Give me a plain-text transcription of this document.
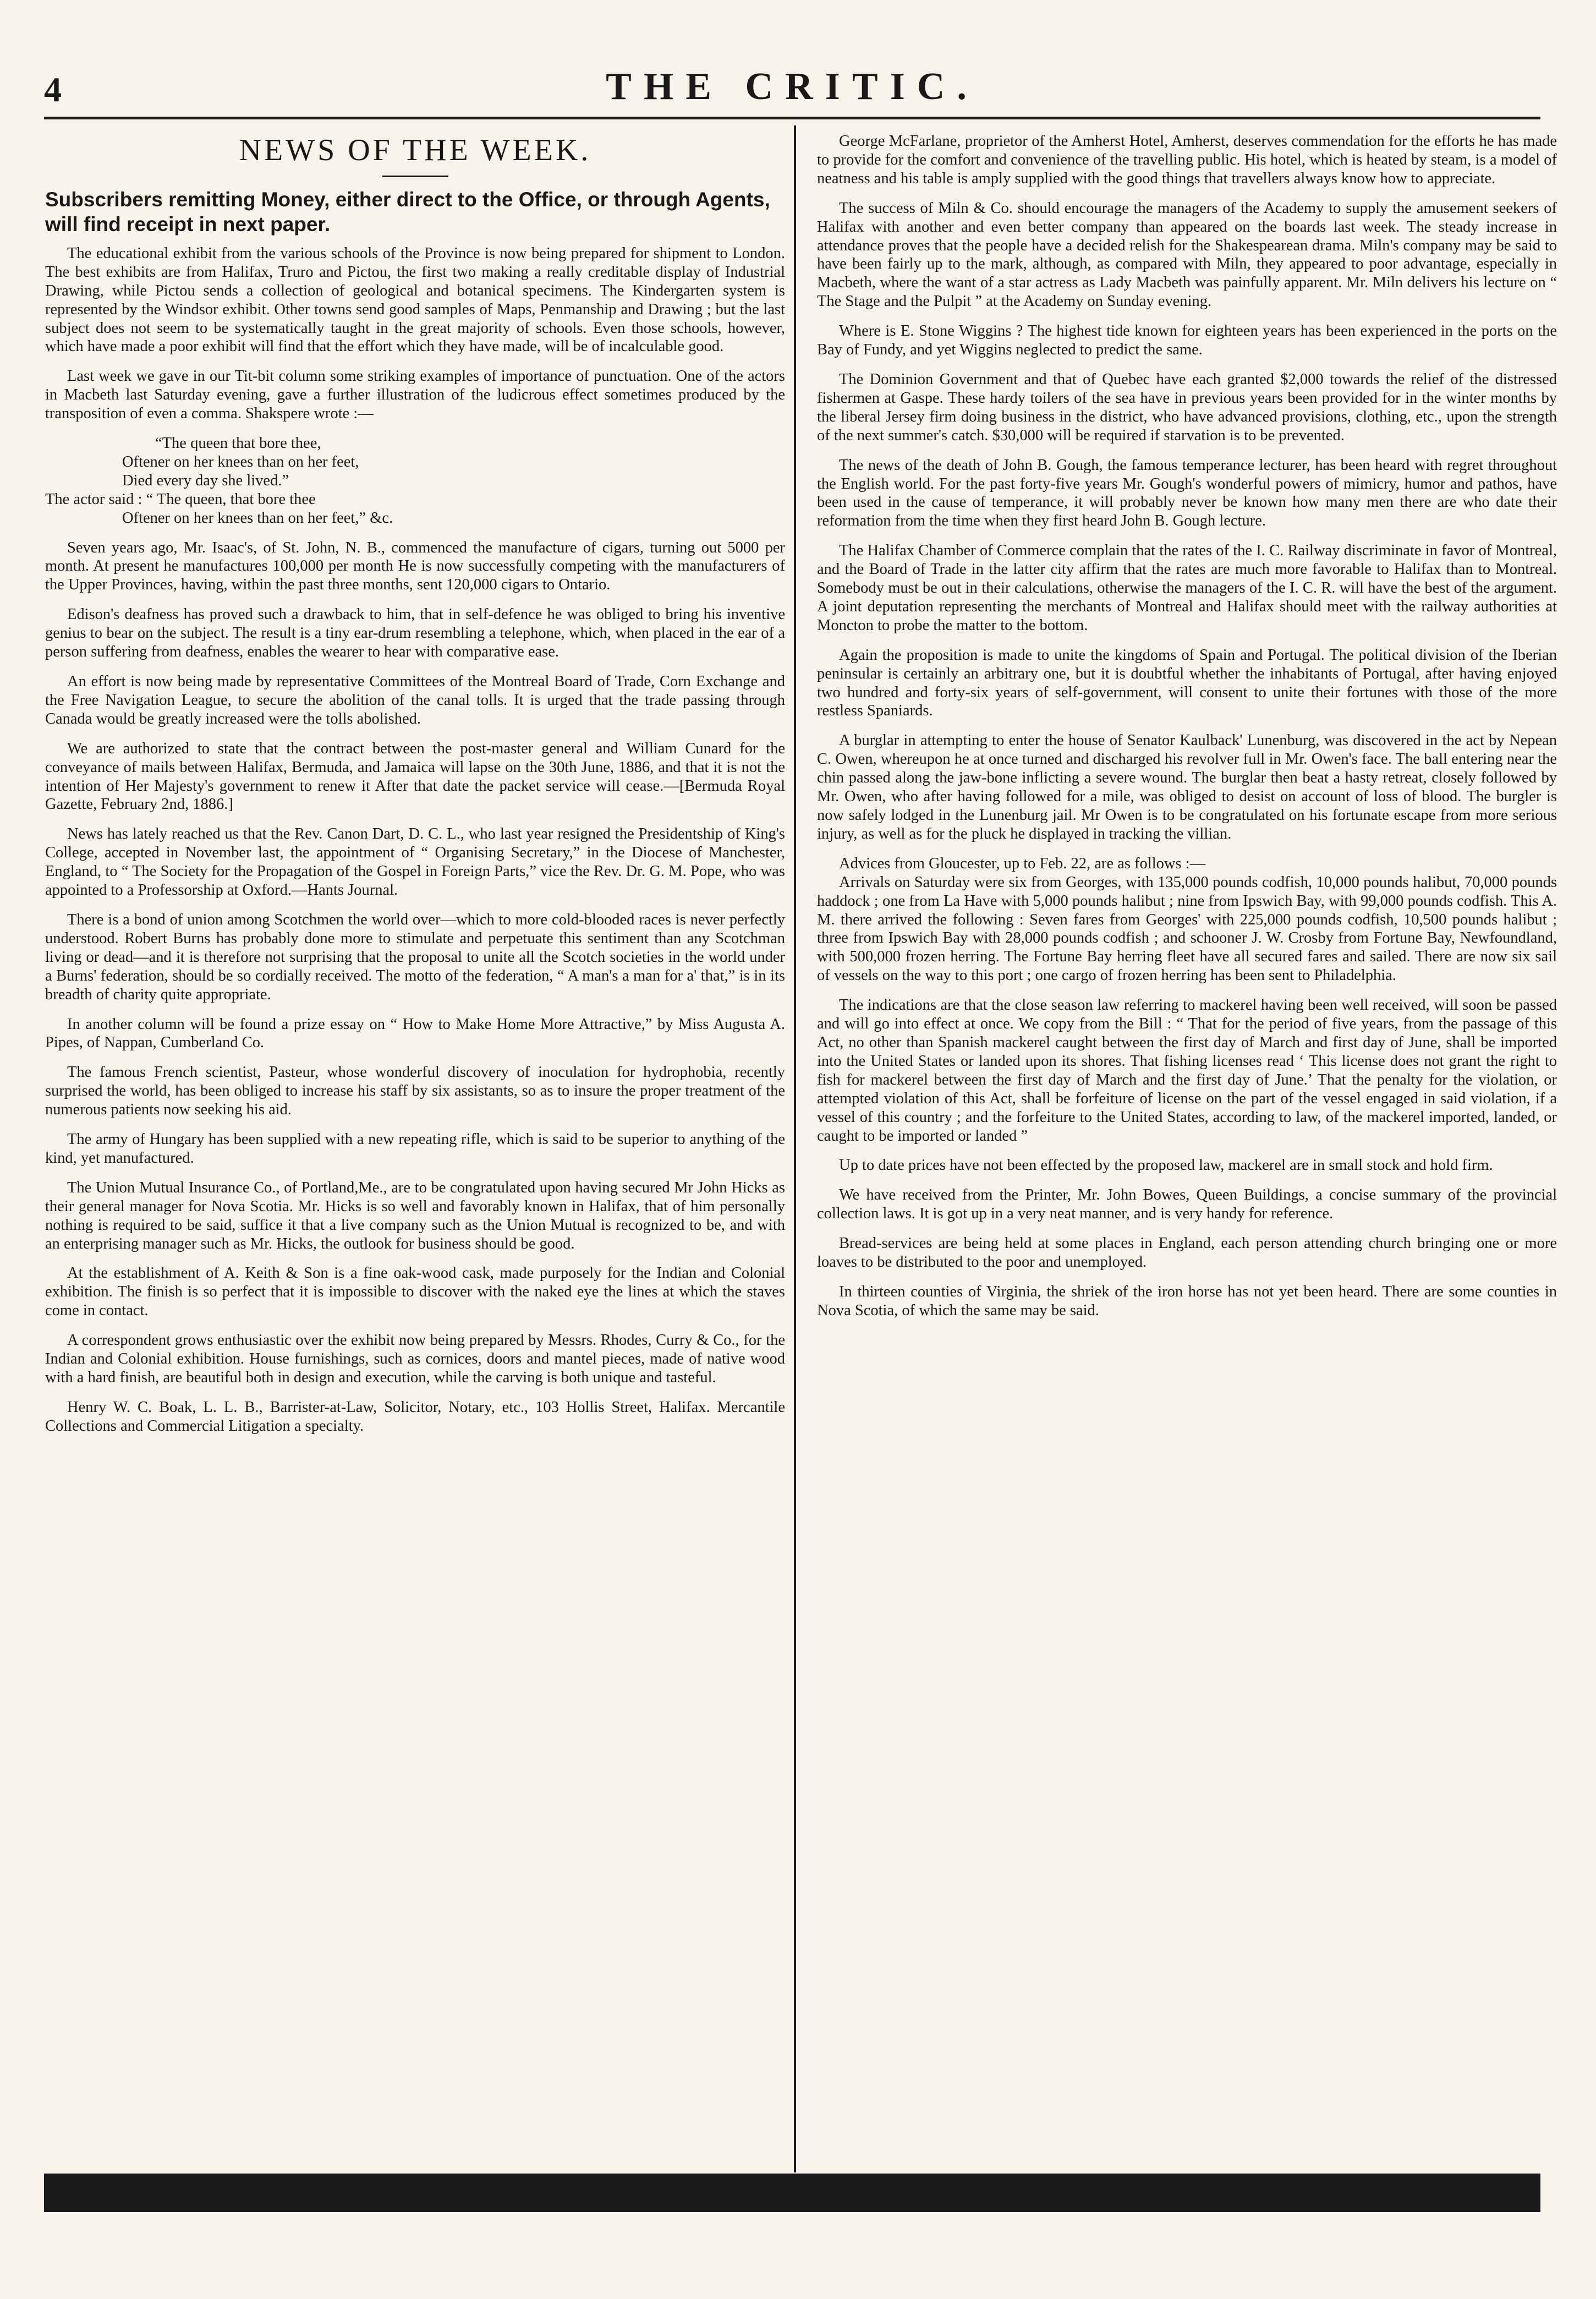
4	THE CRITIC.
NEWS OF THE WEEK.

Subscribers remitting Money, either direct to the Office, or through Agents, will find receipt in next paper.

The educational exhibit from the various schools of the Province is now being prepared for shipment to London. The best exhibits are from Halifax, Truro and Pictou, the first two making a really creditable display of Industrial Drawing, while Pictou sends a collection of geological and botanical specimens. The Kindergarten system is represented by the Windsor exhibit. Other towns send good samples of Maps, Penmanship and Drawing ; but the last subject does not seem to be systematically taught in the great majority of schools. Even those schools, however, which have made a poor exhibit will find that the effort which they have made, will be of incalculable good.

Last week we gave in our Tit-bit column some striking examples of importance of punctuation. One of the actors in Macbeth last Saturday evening, gave a further illustration of the ludicrous effect sometimes produced by the transposition of even a comma. Shakspere wrote :—

“The queen that bore thee,
Oftener on her knees than on her feet,
Died every day she lived.”
The actor said : “ The queen, that bore thee
Oftener on her knees than on her feet,” &c.

Seven years ago, Mr. Isaac's, of St. John, N. B., commenced the manufacture of cigars, turning out 5000 per month. At present he manufactures 100,000 per month He is now successfully competing with the manufacturers of the Upper Provinces, having, within the past three months, sent 120,000 cigars to Ontario.

Edison's deafness has proved such a drawback to him, that in self-defence he was obliged to bring his inventive genius to bear on the subject. The result is a tiny ear-drum resembling a telephone, which, when placed in the ear of a person suffering from deafness, enables the wearer to hear with comparative ease.

An effort is now being made by representative Committees of the Montreal Board of Trade, Corn Exchange and the Free Navigation League, to secure the abolition of the canal tolls. It is urged that the trade passing through Canada would be greatly increased were the tolls abolished.

We are authorized to state that the contract between the post-master general and William Cunard for the conveyance of mails between Halifax, Bermuda, and Jamaica will lapse on the 30th June, 1886, and that it is not the intention of Her Majesty's government to renew it After that date the packet service will cease.—[Bermuda Royal Gazette, February 2nd, 1886.]

News has lately reached us that the Rev. Canon Dart, D. C. L., who last year resigned the Presidentship of King's College, accepted in November last, the appointment of “ Organising Secretary,” in the Diocese of Manchester, England, to “ The Society for the Propagation of the Gospel in Foreign Parts,” vice the Rev. Dr. G. M. Pope, who was appointed to a Professorship at Oxford.—Hants Journal.

There is a bond of union among Scotchmen the world over—which to more cold-blooded races is never perfectly understood. Robert Burns has probably done more to stimulate and perpetuate this sentiment than any Scotchman living or dead—and it is therefore not surprising that the proposal to unite all the Scotch societies in the world under a Burns' federation, should be so cordially received. The motto of the federation, “ A man's a man for a' that,” is in its breadth of charity quite appropriate.

In another column will be found a prize essay on “ How to Make Home More Attractive,” by Miss Augusta A. Pipes, of Nappan, Cumberland Co.

The famous French scientist, Pasteur, whose wonderful discovery of inoculation for hydrophobia, recently surprised the world, has been obliged to increase his staff by six assistants, so as to insure the proper treatment of the numerous patients now seeking his aid.

The army of Hungary has been supplied with a new repeating rifle, which is said to be superior to anything of the kind, yet manufactured.

The Union Mutual Insurance Co., of Portland,Me., are to be congratulated upon having secured Mr John Hicks as their general manager for Nova Scotia. Mr. Hicks is so well and favorably known in Halifax, that of him personally nothing is required to be said, suffice it that a live company such as the Union Mutual is recognized to be, and with an enterprising manager such as Mr. Hicks, the outlook for business should be good.

At the establishment of A. Keith & Son is a fine oak-wood cask, made purposely for the Indian and Colonial exhibition. The finish is so perfect that it is impossible to discover with the naked eye the lines at which the staves come in contact.

A correspondent grows enthusiastic over the exhibit now being prepared by Messrs. Rhodes, Curry & Co., for the Indian and Colonial exhibition. House furnishings, such as cornices, doors and mantel pieces, made of native wood with a hard finish, are beautiful both in design and execution, while the carving is both unique and tasteful.

Henry W. C. Boak, L. L. B., Barrister-at-Law, Solicitor, Notary, etc., 103 Hollis Street, Halifax. Mercantile Collections and Commercial Litigation a specialty.

George McFarlane, proprietor of the Amherst Hotel, Amherst, deserves commendation for the efforts he has made to provide for the comfort and convenience of the travelling public. His hotel, which is heated by steam, is a model of neatness and his table is amply supplied with the good things that travellers always know how to appreciate.

The success of Miln & Co. should encourage the managers of the Academy to supply the amusement seekers of Halifax with another and even better company than appeared on the boards last week. The steady increase in attendance proves that the people have a decided relish for the Shakespearean drama. Miln's company may be said to have been fairly up to the mark, although, as compared with Miln, they appeared to poor advantage, especially in Macbeth, where the want of a star actress as Lady Macbeth was painfully apparent. Mr. Miln delivers his lecture on “ The Stage and the Pulpit ” at the Academy on Sunday evening.

Where is E. Stone Wiggins ? The highest tide known for eighteen years has been experienced in the ports on the Bay of Fundy, and yet Wiggins neglected to predict the same.

The Dominion Government and that of Quebec have each granted $2,000 towards the relief of the distressed fishermen at Gaspe. These hardy toilers of the sea have in previous years been provided for in the winter months by the liberal Jersey firm doing business in the district, who have advanced provisions, clothing, etc., upon the strength of the next summer's catch. $30,000 will be required if starvation is to be prevented.

The news of the death of John B. Gough, the famous temperance lecturer, has been heard with regret throughout the English world. For the past forty-five years Mr. Gough's wonderful powers of mimicry, humor and pathos, have been used in the cause of temperance, it will probably never be known how many men there are who date their reformation from the time when they first heard John B. Gough lecture.

The Halifax Chamber of Commerce complain that the rates of the I. C. Railway discriminate in favor of Montreal, and the Board of Trade in the latter city affirm that the rates are much more favorable to Halifax than to Montreal. Somebody must be out in their calculations, otherwise the managers of the I. C. R. will have the best of the argument. A joint deputation representing the merchants of Montreal and Halifax should meet with the railway authorities at Moncton to probe the matter to the bottom.

Again the proposition is made to unite the kingdoms of Spain and Portugal. The political division of the Iberian peninsular is certainly an arbitrary one, but it is doubtful whether the inhabitants of Portugal, after having enjoyed two hundred and forty-six years of self-government, will consent to unite their fortunes with those of the more restless Spaniards.

A burglar in attempting to enter the house of Senator Kaulback' Lunenburg, was discovered in the act by Nepean C. Owen, whereupon he at once turned and discharged his revolver full in Mr. Owen's face. The ball entering near the chin passed along the jaw-bone inflicting a severe wound. The burglar then beat a hasty retreat, closely followed by Mr. Owen, who after having followed for a mile, was obliged to desist on account of loss of blood. The burgler is now safely lodged in the Lunenburg jail. Mr Owen is to be congratulated on his fortunate escape from more serious injury, as well as for the pluck he displayed in tracking the villian.

Advices from Gloucester, up to Feb. 22, are as follows :—

Arrivals on Saturday were six from Georges, with 135,000 pounds codfish, 10,000 pounds halibut, 70,000 pounds haddock ; one from La Have with 5,000 pounds halibut ; nine from Ipswich Bay, with 99,000 pounds codfish. This A. M. there arrived the following : Seven fares from Georges' with 225,000 pounds codfish, 10,500 pounds halibut ; three from Ipswich Bay with 28,000 pounds codfish ; and schooner J. W. Crosby from Fortune Bay, Newfoundland, with 500,000 frozen herring. The Fortune Bay herring fleet have all secured fares and sailed. There are now six sail of vessels on the way to this port ; one cargo of frozen herring has been sent to Philadelphia.

The indications are that the close season law referring to mackerel having been well received, will soon be passed and will go into effect at once. We copy from the Bill : “ That for the period of five years, from the passage of this Act, no other than Spanish mackerel caught between the first day of March and first day of June, shall be imported into the United States or landed upon its shores. That fishing licenses read ‘ This license does not grant the right to fish for mackerel between the first day of March and the first day of June.’ That the penalty for the violation, or attempted violation of this Act, shall be forfeiture of license on the part of the vessel engaged in said violation, if a vessel of this country ; and the forfeiture to the United States, according to law, of the mackerel imported, landed, or caught to be imported or landed ”

Up to date prices have not been effected by the proposed law, mackerel are in small stock and hold firm.

We have received from the Printer, Mr. John Bowes, Queen Buildings, a concise summary of the provincial collection laws. It is got up in a very neat manner, and is very handy for reference.

Bread-services are being held at some places in England, each person attending church bringing one or more loaves to be distributed to the poor and unemployed.

In thirteen counties of Virginia, the shriek of the iron horse has not yet been heard. There are some counties in Nova Scotia, of which the same may be said.
